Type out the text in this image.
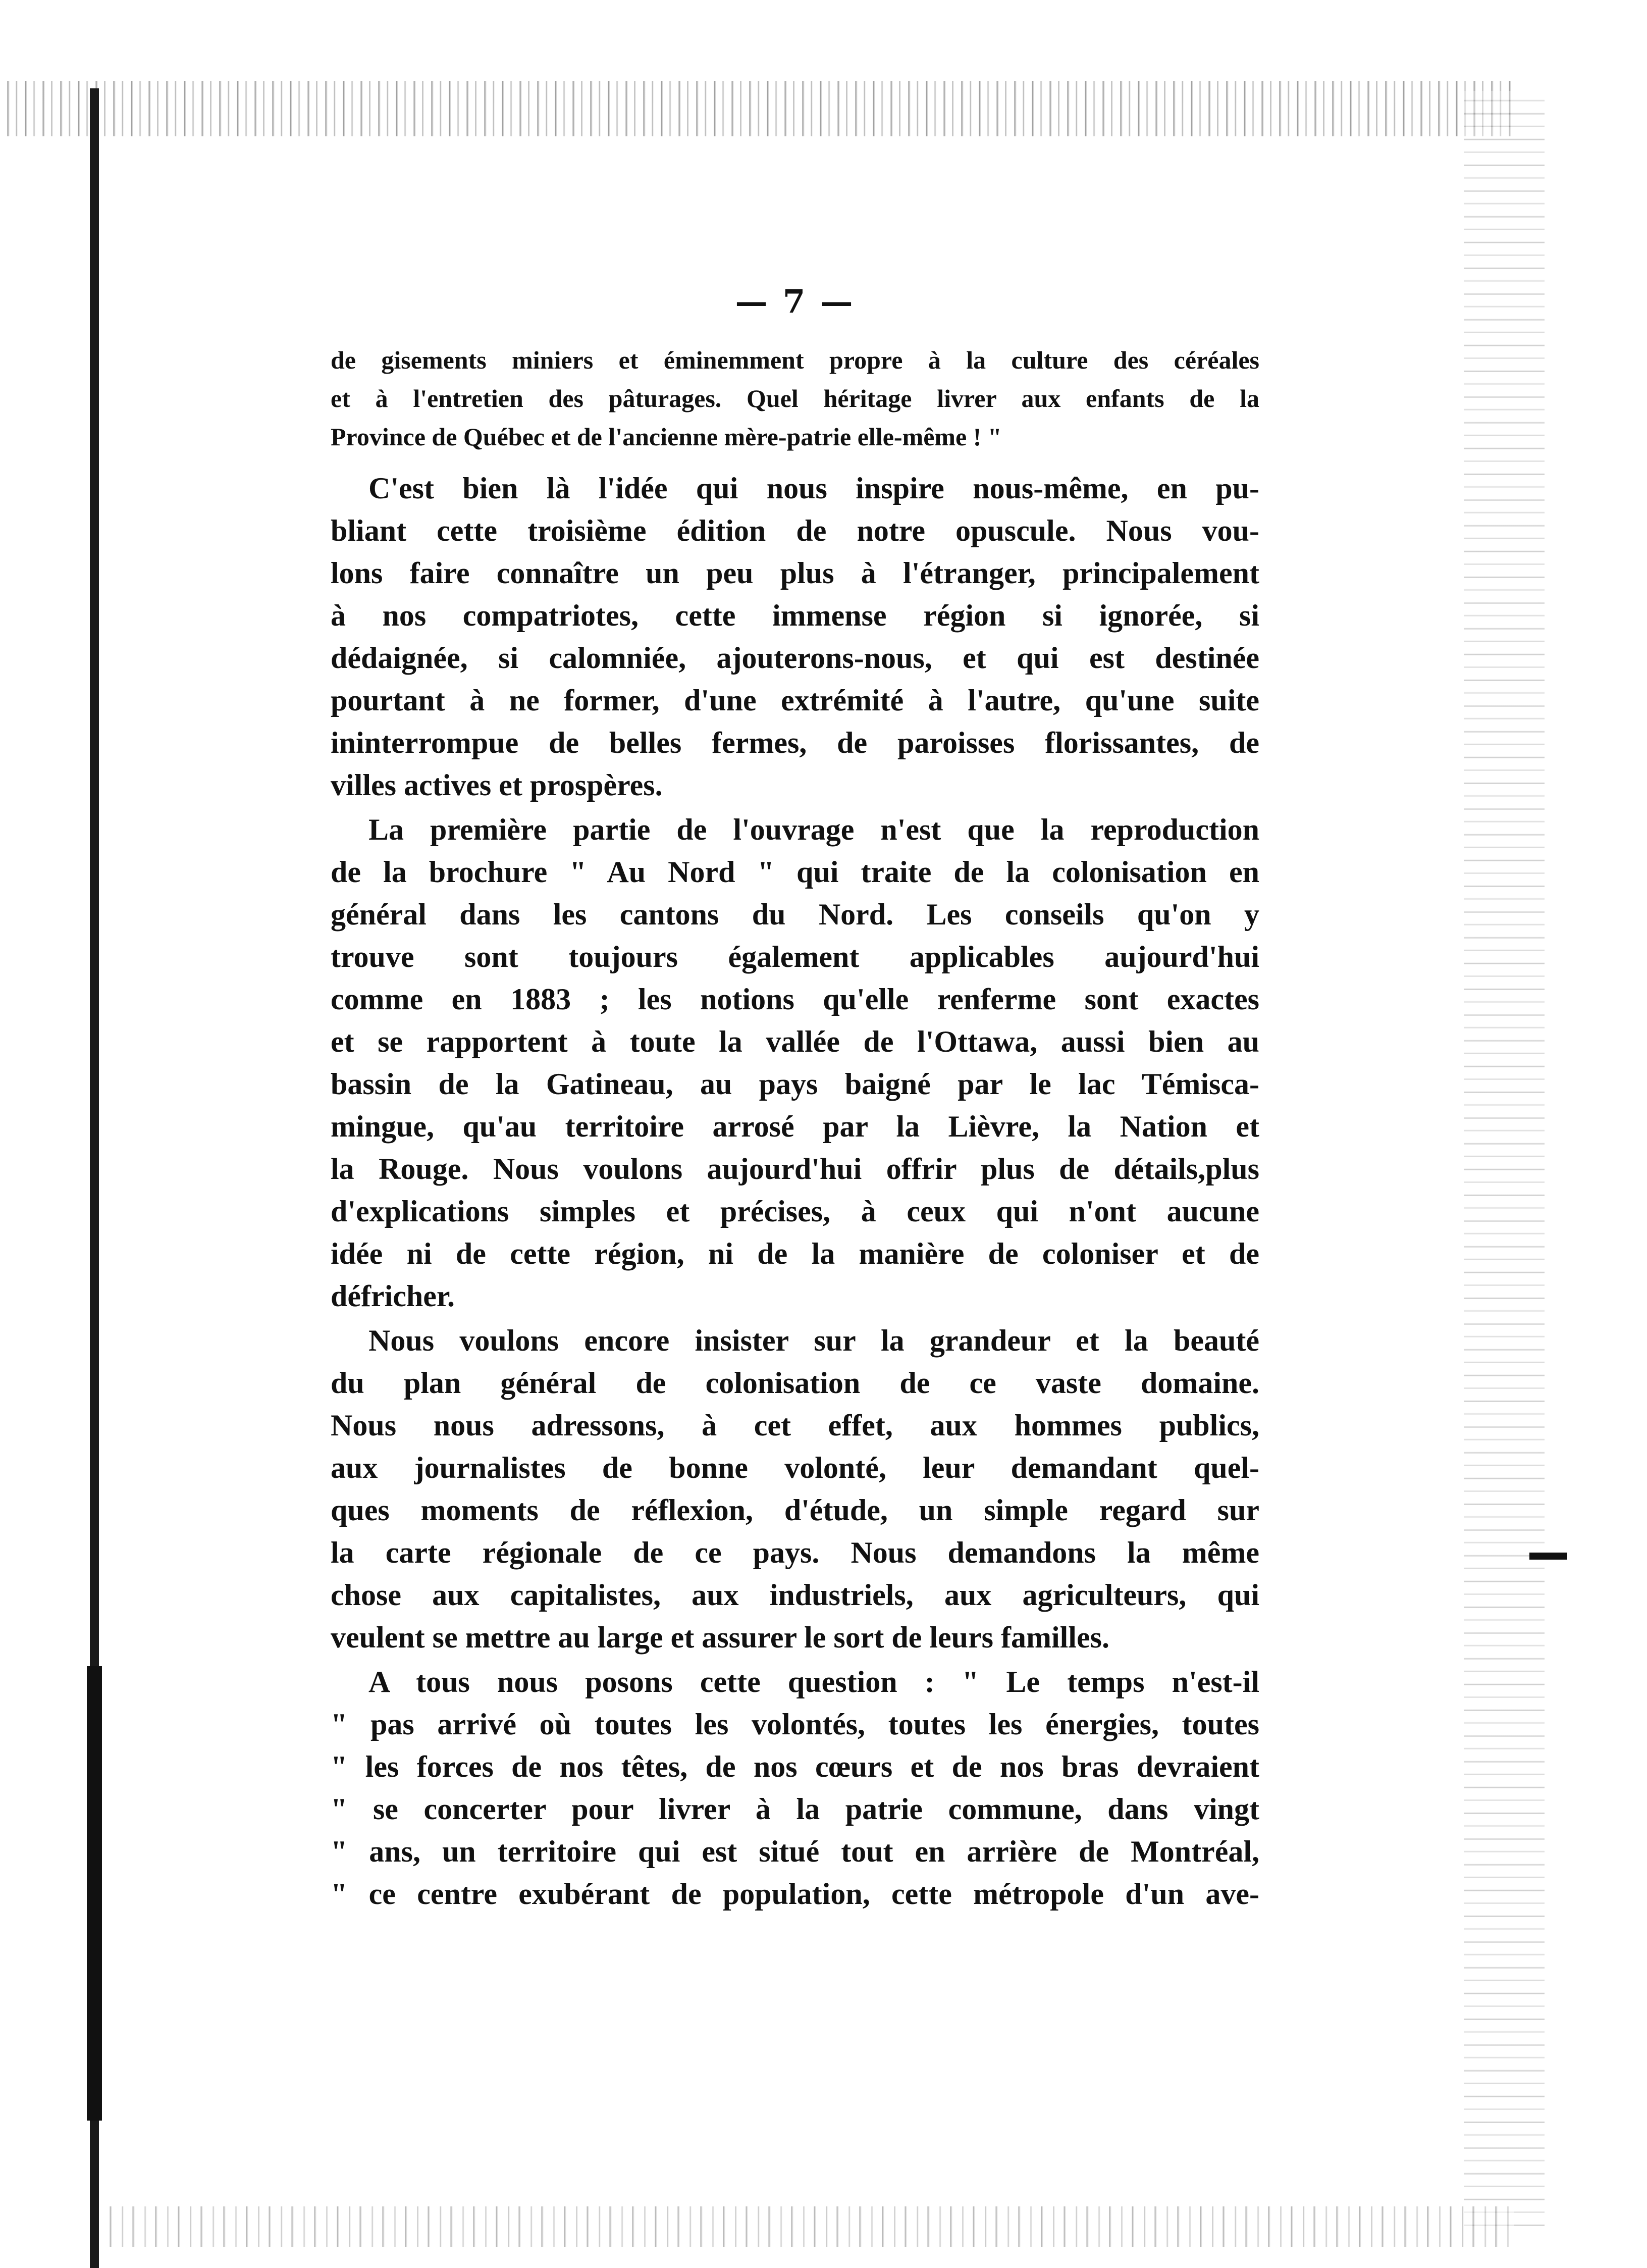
— 7 —
de gisements miniers et éminemment propre à la culture des céréales
et à l'entretien des pâturages. Quel héritage livrer aux enfants de la
Province de Québec et de l'ancienne mère-patrie elle-même ! "
C'est bien là l'idée qui nous inspire nous-même, en pu-
bliant cette troisième édition de notre opuscule. Nous vou-
lons faire connaître un peu plus à l'étranger, principalement
à nos compatriotes, cette immense région si ignorée, si
dédaignée, si calomniée, ajouterons-nous, et qui est destinée
pourtant à ne former, d'une extrémité à l'autre, qu'une suite
ininterrompue de belles fermes, de paroisses florissantes, de
villes actives et prospères.
La première partie de l'ouvrage n'est que la reproduction
de la brochure " Au Nord " qui traite de la colonisation en
général dans les cantons du Nord. Les conseils qu'on y
trouve sont toujours également applicables aujourd'hui
comme en 1883 ; les notions qu'elle renferme sont exactes
et se rapportent à toute la vallée de l'Ottawa, aussi bien au
bassin de la Gatineau, au pays baigné par le lac Témisca-
mingue, qu'au territoire arrosé par la Lièvre, la Nation et
la Rouge. Nous voulons aujourd'hui offrir plus de détails,plus
d'explications simples et précises, à ceux qui n'ont aucune
idée ni de cette région, ni de la manière de coloniser et de
défricher.
Nous voulons encore insister sur la grandeur et la beauté
du plan général de colonisation de ce vaste domaine.
Nous nous adressons, à cet effet, aux hommes publics,
aux journalistes de bonne volonté, leur demandant quel-
ques moments de réflexion, d'étude, un simple regard sur
la carte régionale de ce pays. Nous demandons la même
chose aux capitalistes, aux industriels, aux agriculteurs, qui
veulent se mettre au large et assurer le sort de leurs familles.
A tous nous posons cette question : " Le temps n'est-il
" pas arrivé où toutes les volontés, toutes les énergies, toutes
" les forces de nos têtes, de nos cœurs et de nos bras devraient
" se concerter pour livrer à la patrie commune, dans vingt
" ans, un territoire qui est situé tout en arrière de Montréal,
" ce centre exubérant de population, cette métropole d'un ave-
